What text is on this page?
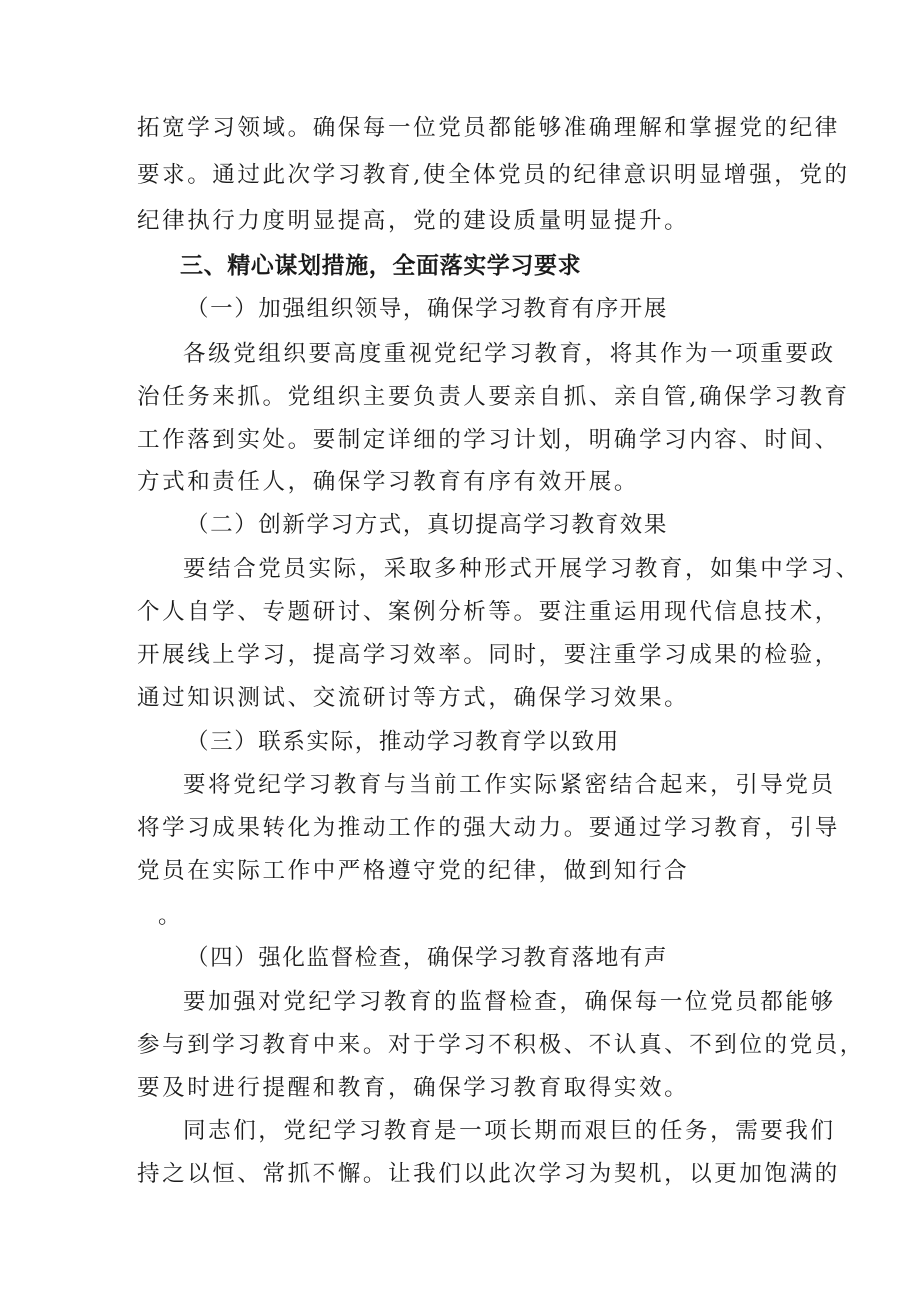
拓宽学习领域。确保每一位党员都能够准确理解和掌握党的纪律
要求。通过此次学习教育,使全体党员的纪律意识明显增强，党的
纪律执行力度明显提高，党的建设质量明显提升。
三、精心谋划措施，全面落实学习要求
（一）加强组织领导，确保学习教育有序开展
各级党组织要高度重视党纪学习教育，将其作为一项重要政
治任务来抓。党组织主要负责人要亲自抓、亲自管,确保学习教育
工作落到实处。要制定详细的学习计划，明确学习内容、时间、
方式和责任人，确保学习教育有序有效开展。
（二）创新学习方式，真切提高学习教育效果
要结合党员实际，采取多种形式开展学习教育，如集中学习、
个人自学、专题研讨、案例分析等。要注重运用现代信息技术，
开展线上学习，提高学习效率。同时，要注重学习成果的检验，
通过知识测试、交流研讨等方式，确保学习效果。
（三）联系实际，推动学习教育学以致用
要将党纪学习教育与当前工作实际紧密结合起来，引导党员
将学习成果转化为推动工作的强大动力。要通过学习教育，引导
党员在实际工作中严格遵守党的纪律，做到知行合
。
（四）强化监督检查，确保学习教育落地有声
要加强对党纪学习教育的监督检查，确保每一位党员都能够
参与到学习教育中来。对于学习不积极、不认真、不到位的党员，
要及时进行提醒和教育，确保学习教育取得实效。
同志们，党纪学习教育是一项长期而艰巨的任务，需要我们
持之以恒、常抓不懈。让我们以此次学习为契机，以更加饱满的
